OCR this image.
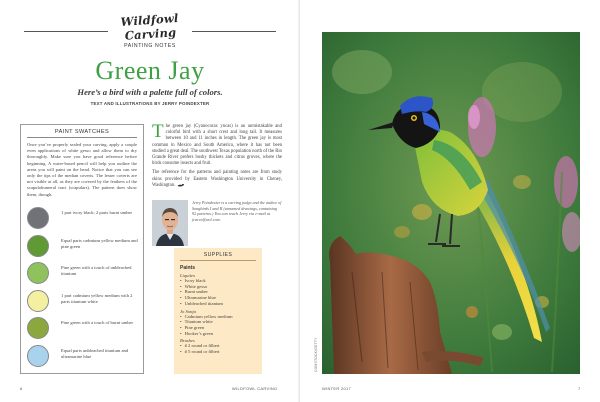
Wildfowl Carving
PAINTING NOTES
Green Jay
Here’s a bird with a palette full of colors.
TEXT AND ILLUSTRATIONS BY JERRY POINDEXTER
PAINT SWATCHES
Once you’ve properly sealed your carving, apply a couple even applications of white gesso and allow them to dry thoroughly. Make sure you have good reference before beginning. A water-based pencil will help you outline the areas you will paint on the head. Notice that you can see only the tips of the median coverts. The lesser coverts are not visible at all, as they are covered by the feathers of the scapulohumeral tract (scapulars). The pattern does show them, though.
1 part ivory black; 2 parts burnt umber
Equal parts cadmium yellow medium and pine green
Pine green with a touch of unbleached titanium
1 part cadmium yellow medium with 2 parts titanium white
Pine green with a touch of burnt umber
Equal parts unbleached titanium and ultramarine blue

The green jay (Cyanocorax yncas) is an unmistakable and colorful bird with a short crest and long tail. It measures between 10 and 11 inches in length. The green jay is most common in Mexico and South America, where it has not been studied a great deal. The southwest Texas population north of the Rio Grande River prefers bushy thickets and citrus groves, where the birds consume insects and fruit.

The reference for the patterns and painting notes are from study skins provided by Eastern Washington University in Cheney, Washington.

Jerry Poindexter is a carving judge and the author of Songbirds I and II (unnamed drawings, containing 92 patterns.) You can reach Jerry via e-mail at jcarve@aol.com.
SUPPLIES
Paints
Liquitex
• Ivory black
• White gesso
• Burnt umber
• Ultramarine blue
• Unbleached titanium
Jo Sonja
• Cadmium yellow medium
• Titanium white
• Pine green
• Hooker’s green
Brushes
• # 2 round or filbert
• # 5 round or filbert
6	WILDFOWL CARVING
COMSTOCK/GETTY
WINTER 2017	7
